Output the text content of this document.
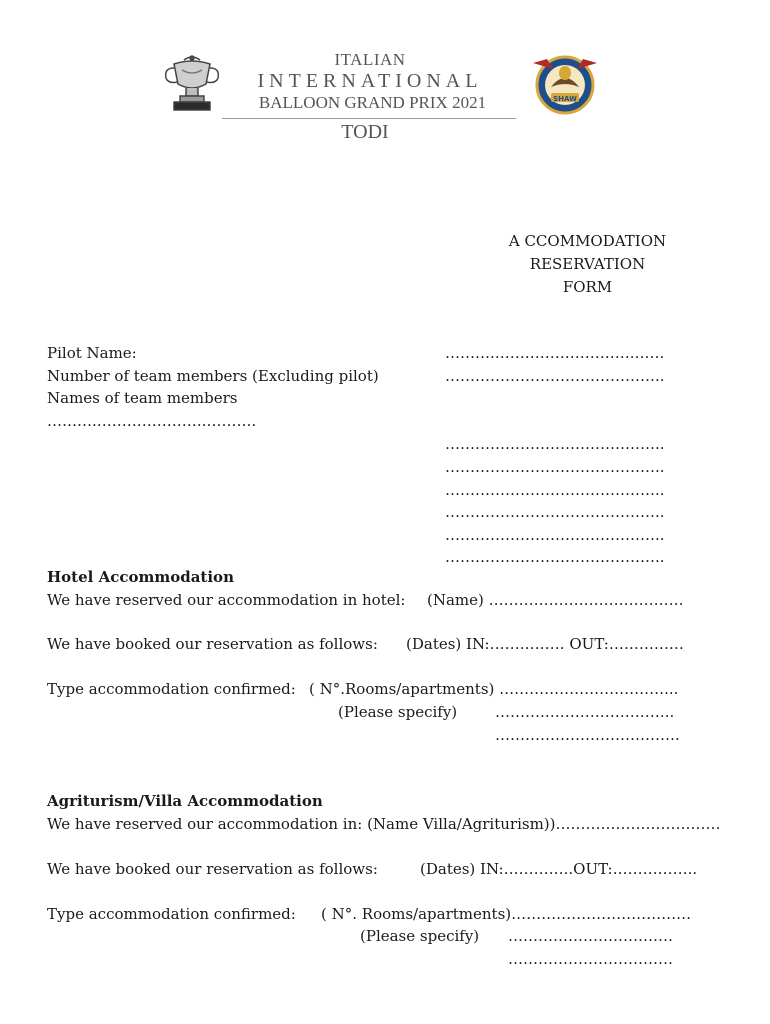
ITALIAN
INTERNATIONAL
BALLOON GRAND PRIX 2021
TODI
SHAW
A CCOMMODATION
RESERVATION
FORM
Pilot Name:	……….……………………….……
Number of team members (Excluding pilot)	……………………………………..
Names of team members
……….………………….……….
……………………………………..
……………………………………..
……………………………………..
……………………………………..
……………………………………..
……………………………………..
Hotel Accommodation
We have reserved our accommodation in hotel: (Name) …………………………………
We have booked our reservation as follows: (Dates) IN:…………… OUT:……………
Type accommodation confirmed: ( N°.Rooms/apartments) ……………………………...
(Please specify)	……….……………………..
……………………………….
Agriturism/Villa Accommodation
We have reserved our accommodation in: (Name Villa/Agriturism))……………………………
We have booked our reservation as follows:	(Dates) IN:…………..OUT:……………..
Type accommodation confirmed: ( N°. Rooms/apartments)………………………………
(Please specify) ……………………………
……………………………
